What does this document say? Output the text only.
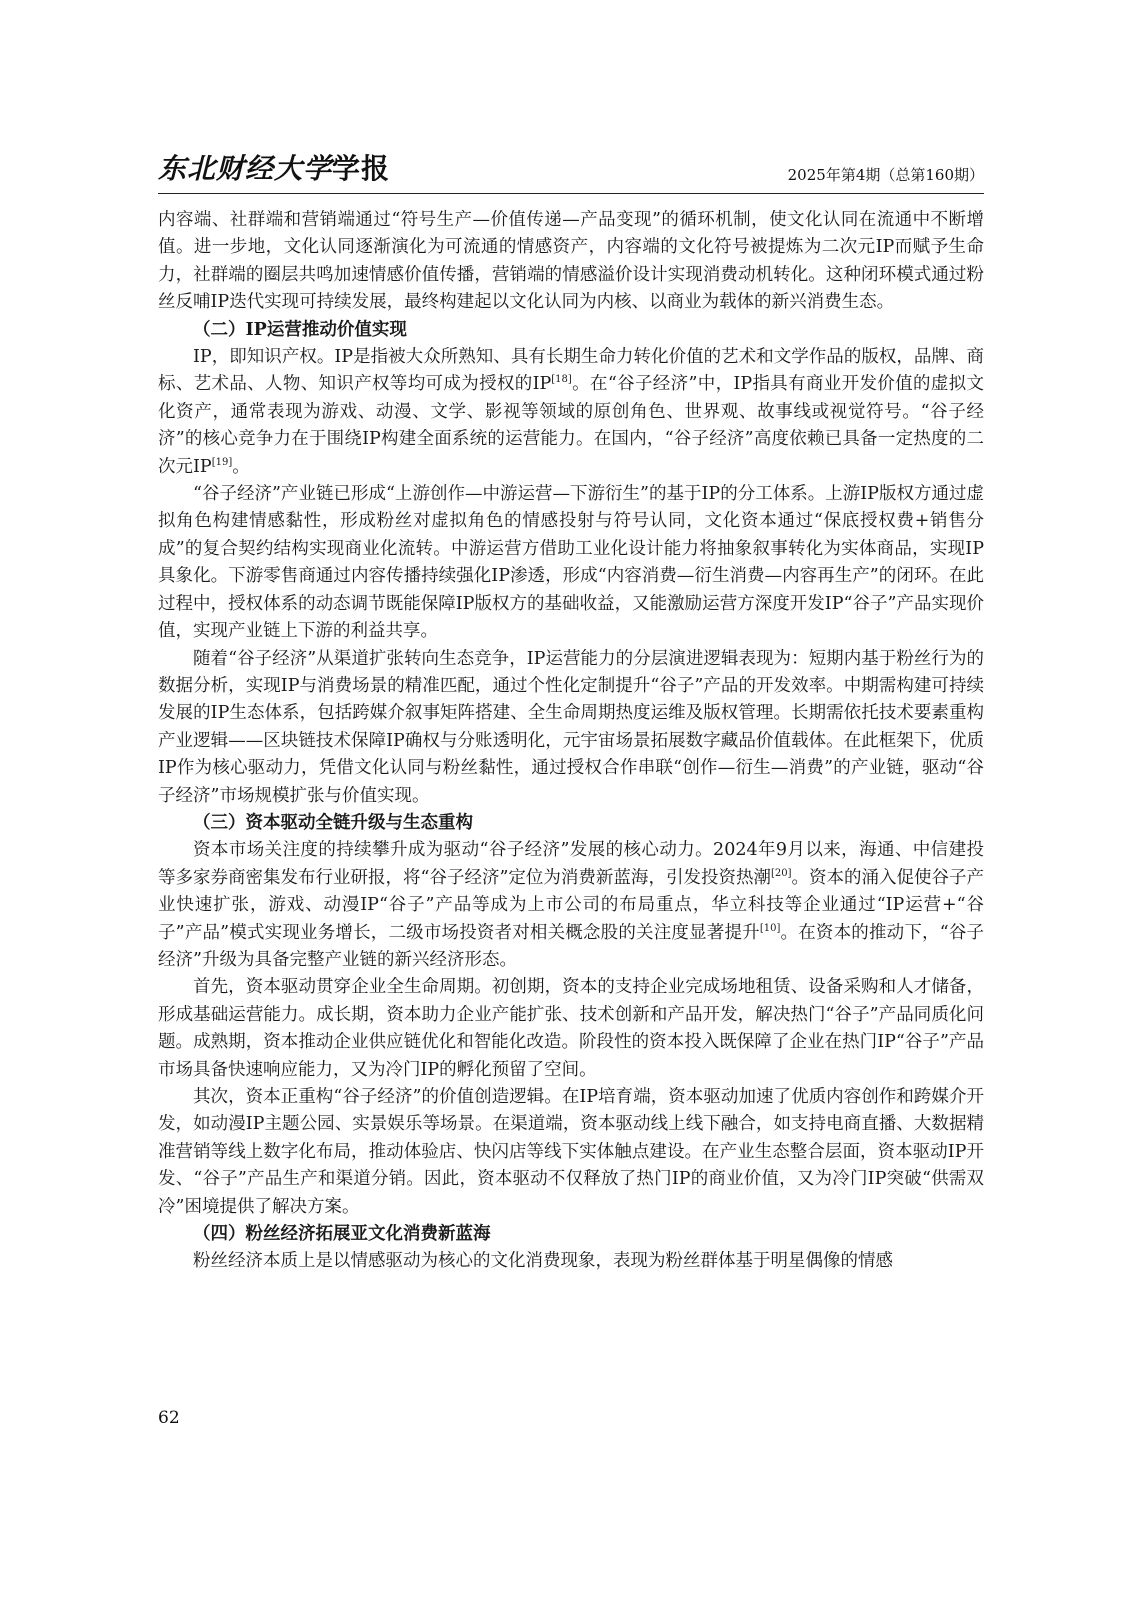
东北财经大学学报	2025年第4期（总第160期）

内容端、社群端和营销端通过“符号生产—价值传递—产品变现”的循环机制，使文化认同在流通中不断增值。进一步地，文化认同逐渐演化为可流通的情感资产，内容端的文化符号被提炼为二次元IP而赋予生命力，社群端的圈层共鸣加速情感价值传播，营销端的情感溢价设计实现消费动机转化。这种闭环模式通过粉丝反哺IP迭代实现可持续发展，最终构建起以文化认同为内核、以商业为载体的新兴消费生态。

（二）IP运营推动价值实现

IP，即知识产权。IP是指被大众所熟知、具有长期生命力转化价值的艺术和文学作品的版权，品牌、商标、艺术品、人物、知识产权等均可成为授权的IP[18]。在“谷子经济”中，IP指具有商业开发价值的虚拟文化资产，通常表现为游戏、动漫、文学、影视等领域的原创角色、世界观、故事线或视觉符号。“谷子经济”的核心竞争力在于围绕IP构建全面系统的运营能力。在国内，“谷子经济”高度依赖已具备一定热度的二次元IP[19]。

“谷子经济”产业链已形成“上游创作—中游运营—下游衍生”的基于IP的分工体系。上游IP版权方通过虚拟角色构建情感黏性，形成粉丝对虚拟角色的情感投射与符号认同，文化资本通过“保底授权费+销售分成”的复合契约结构实现商业化流转。中游运营方借助工业化设计能力将抽象叙事转化为实体商品，实现IP具象化。下游零售商通过内容传播持续强化IP渗透，形成“内容消费—衍生消费—内容再生产”的闭环。在此过程中，授权体系的动态调节既能保障IP版权方的基础收益，又能激励运营方深度开发IP“谷子”产品实现价值，实现产业链上下游的利益共享。

随着“谷子经济”从渠道扩张转向生态竞争，IP运营能力的分层演进逻辑表现为：短期内基于粉丝行为的数据分析，实现IP与消费场景的精准匹配，通过个性化定制提升“谷子”产品的开发效率。中期需构建可持续发展的IP生态体系，包括跨媒介叙事矩阵搭建、全生命周期热度运维及版权管理。长期需依托技术要素重构产业逻辑——区块链技术保障IP确权与分账透明化，元宇宙场景拓展数字藏品价值载体。在此框架下，优质IP作为核心驱动力，凭借文化认同与粉丝黏性，通过授权合作串联“创作—衍生—消费”的产业链，驱动“谷子经济”市场规模扩张与价值实现。

（三）资本驱动全链升级与生态重构

资本市场关注度的持续攀升成为驱动“谷子经济”发展的核心动力。2024年9月以来，海通、中信建投等多家券商密集发布行业研报，将“谷子经济”定位为消费新蓝海，引发投资热潮[20]。资本的涌入促使谷子产业快速扩张，游戏、动漫IP“谷子”产品等成为上市公司的布局重点，华立科技等企业通过“IP运营+“谷子”产品”模式实现业务增长，二级市场投资者对相关概念股的关注度显著提升[10]。在资本的推动下，“谷子经济”升级为具备完整产业链的新兴经济形态。

首先，资本驱动贯穿企业全生命周期。初创期，资本的支持企业完成场地租赁、设备采购和人才储备，形成基础运营能力。成长期，资本助力企业产能扩张、技术创新和产品开发，解决热门“谷子”产品同质化问题。成熟期，资本推动企业供应链优化和智能化改造。阶段性的资本投入既保障了企业在热门IP“谷子”产品市场具备快速响应能力，又为冷门IP的孵化预留了空间。

其次，资本正重构“谷子经济”的价值创造逻辑。在IP培育端，资本驱动加速了优质内容创作和跨媒介开发，如动漫IP主题公园、实景娱乐等场景。在渠道端，资本驱动线上线下融合，如支持电商直播、大数据精准营销等线上数字化布局，推动体验店、快闪店等线下实体触点建设。在产业生态整合层面，资本驱动IP开发、“谷子”产品生产和渠道分销。因此，资本驱动不仅释放了热门IP的商业价值，又为冷门IP突破“供需双冷”困境提供了解决方案。

（四）粉丝经济拓展亚文化消费新蓝海

粉丝经济本质上是以情感驱动为核心的文化消费现象，表现为粉丝群体基于明星偶像的情感

62
